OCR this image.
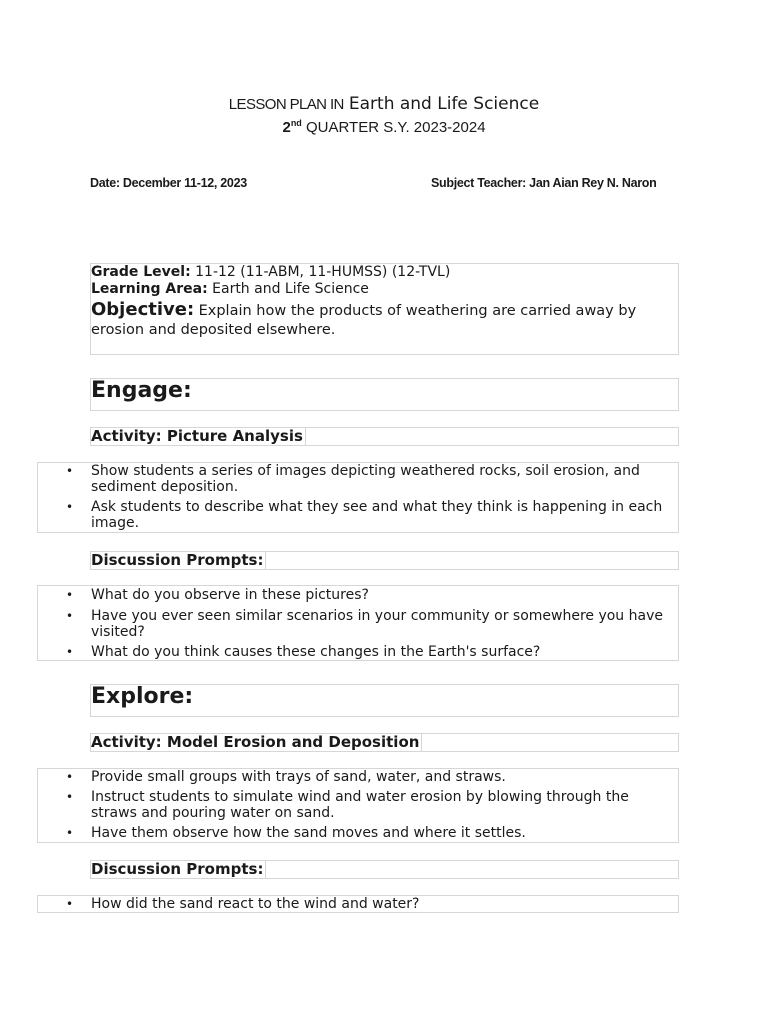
LESSON PLAN IN Earth and Life Science
2nd QUARTER S.Y. 2023-2024
Date: December 11-12, 2023	Subject Teacher: Jan Aian Rey N. Naron
Grade Level: 11-12 (11-ABM, 11-HUMSS) (12-TVL)
Learning Area: Earth and Life Science
Objective: Explain how the products of weathering are carried away by erosion and deposited elsewhere.
Engage:
Activity: Picture Analysis
• Show students a series of images depicting weathered rocks, soil erosion, and sediment deposition.
• Ask students to describe what they see and what they think is happening in each image.
Discussion Prompts:
• What do you observe in these pictures?
• Have you ever seen similar scenarios in your community or somewhere you have visited?
• What do you think causes these changes in the Earth's surface?
Explore:
Activity: Model Erosion and Deposition
• Provide small groups with trays of sand, water, and straws.
• Instruct students to simulate wind and water erosion by blowing through the straws and pouring water on sand.
• Have them observe how the sand moves and where it settles.
Discussion Prompts:
• How did the sand react to the wind and water?
